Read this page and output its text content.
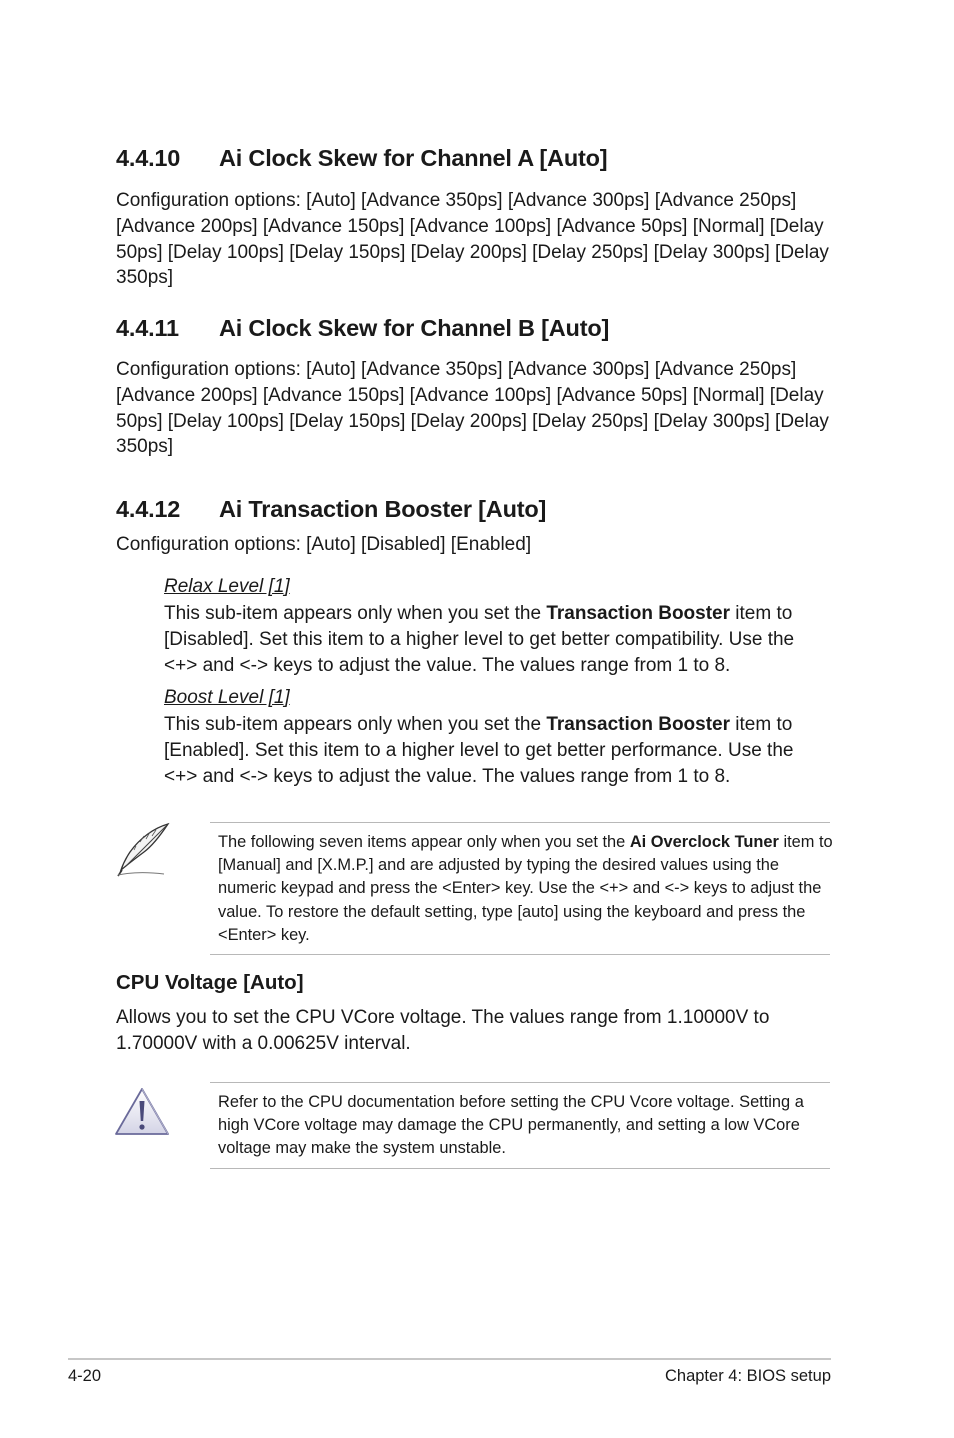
4.4.10 Ai Clock Skew for Channel A [Auto]

Configuration options: [Auto] [Advance 350ps] [Advance 300ps] [Advance 250ps] [Advance 200ps] [Advance 150ps] [Advance 100ps] [Advance 50ps] [Normal] [Delay 50ps] [Delay 100ps] [Delay 150ps] [Delay 200ps] [Delay 250ps] [Delay 300ps] [Delay 350ps]

4.4.11 Ai Clock Skew for Channel B [Auto]

Configuration options: [Auto] [Advance 350ps] [Advance 300ps] [Advance 250ps] [Advance 200ps] [Advance 150ps] [Advance 100ps] [Advance 50ps] [Normal] [Delay 50ps] [Delay 100ps] [Delay 150ps] [Delay 200ps] [Delay 250ps] [Delay 300ps] [Delay 350ps]

4.4.12 Ai Transaction Booster [Auto]

Configuration options: [Auto] [Disabled] [Enabled]

Relax Level [1]

This sub-item appears only when you set the Transaction Booster item to [Disabled]. Set this item to a higher level to get better compatibility. Use the <+> and <-> keys to adjust the value. The values range from 1 to 8.

Boost Level [1]

This sub-item appears only when you set the Transaction Booster item to [Enabled]. Set this item to a higher level to get better performance. Use the <+> and <-> keys to adjust the value. The values range from 1 to 8.

The following seven items appear only when you set the Ai Overclock Tuner item to [Manual] and [X.M.P.] and are adjusted by typing the desired values using the numeric keypad and press the <Enter> key. Use the <+> and <-> keys to adjust the value. To restore the default setting, type [auto] using the keyboard and press the <Enter> key.

CPU Voltage [Auto]

Allows you to set the CPU VCore voltage. The values range from 1.10000V to 1.70000V with a 0.00625V interval.

Refer to the CPU documentation before setting the CPU Vcore voltage. Setting a high VCore voltage may damage the CPU permanently, and setting a low VCore voltage may make the system unstable.

4-20	Chapter 4: BIOS setup
